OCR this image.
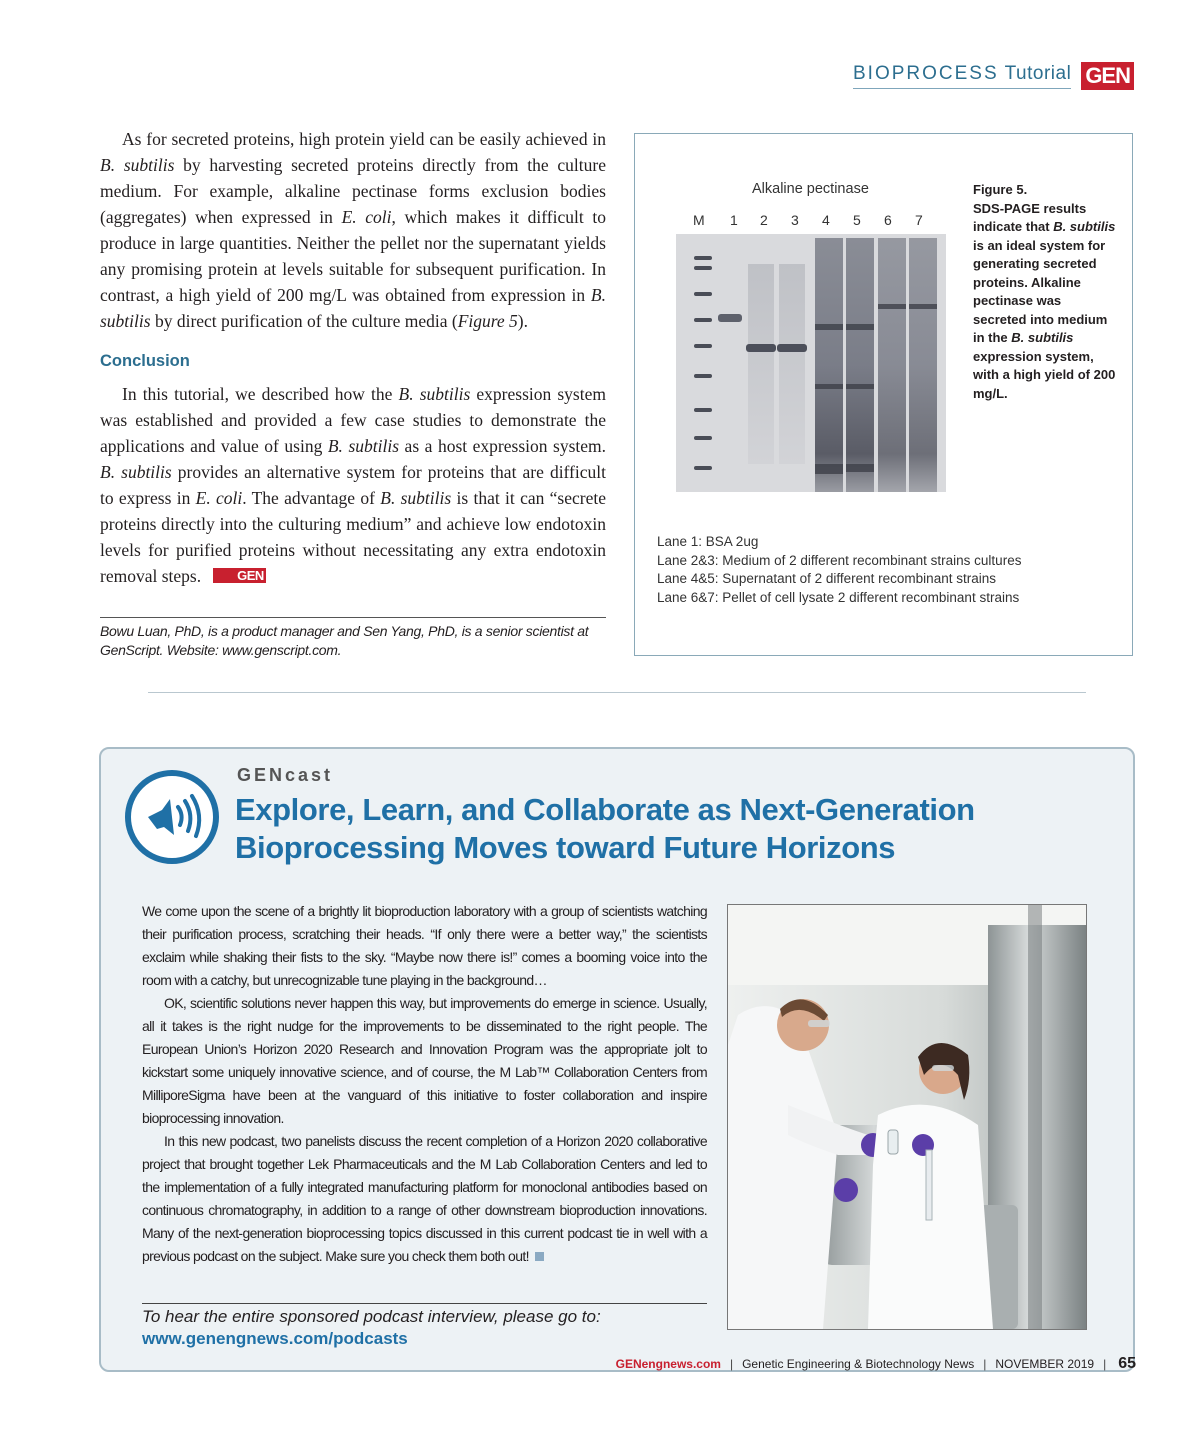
BIOPROCESS Tutorial GEN

As for secreted proteins, high protein yield can be easily achieved in B. subtilis by harvesting secreted proteins directly from the culture medium. For example, alkaline pectinase forms exclusion bodies (aggregates) when expressed in E. coli, which makes it difficult to produce in large quantities. Neither the pellet nor the supernatant yields any promising protein at levels suitable for subsequent purification. In contrast, a high yield of 200 mg/L was obtained from expression in B. subtilis by direct purification of the culture media (Figure 5).

Conclusion

In this tutorial, we described how the B. subtilis expression system was established and provided a few case studies to demonstrate the applications and value of using B. subtilis as a host expression system. B. subtilis provides an alternative system for proteins that are difficult to express in E. coli. The advantage of B. subtilis is that it can “secrete proteins directly into the culturing medium” and achieve low endotoxin levels for purified proteins without necessitating any extra endotoxin removal steps.	GEN

Bowu Luan, PhD, is a product manager and Sen Yang, PhD, is a senior scientist at GenScript. Website: www.genscript.com.
Alkaline pectinase
M 1 2 3 4 5 6 7
Figure 5.
SDS-PAGE results indicate that B. subtilis is an ideal system for generating secreted proteins. Alkaline pectinase was secreted into medium in the B. subtilis expression system, with a high yield of 200 mg/L.
Lane 1: BSA 2ug
Lane 2&3: Medium of 2 different recombinant strains cultures
Lane 4&5: Supernatant of 2 different recombinant strains
Lane 6&7: Pellet of cell lysate 2 different recombinant strains
GENcast
Explore, Learn, and Collaborate as Next-Generation Bioprocessing Moves toward Future Horizons

We come upon the scene of a brightly lit bioproduction laboratory with a group of scientists watching their purification process, scratching their heads. “If only there were a better way,” the scientists exclaim while shaking their fists to the sky. “Maybe now there is!” comes a booming voice into the room with a catchy, but unrecognizable tune playing in the background…

OK, scientific solutions never happen this way, but improvements do emerge in science. Usually, all it takes is the right nudge for the improvements to be disseminated to the right people. The European Union’s Horizon 2020 Research and Innovation Program was the appropriate jolt to kickstart some uniquely innovative science, and of course, the M Lab™ Collaboration Centers from MilliporeSigma have been at the vanguard of this initiative to foster collaboration and inspire bioprocessing innovation.

In this new podcast, two panelists discuss the recent completion of a Horizon 2020 collaborative project that brought together Lek Pharmaceuticals and the M Lab Collaboration Centers and led to the implementation of a fully integrated manufacturing platform for monoclonal antibodies based on continuous chromatography, in addition to a range of other downstream bioproduction innovations. Many of the next-generation bioprocessing topics discussed in this current podcast tie in well with a previous podcast on the subject. Make sure you check them both out!

To hear the entire sponsored podcast interview, please go to:
www.genengnews.com/podcasts
GENengnews.com | Genetic Engineering & Biotechnology News | NOVEMBER 2019 | 65
